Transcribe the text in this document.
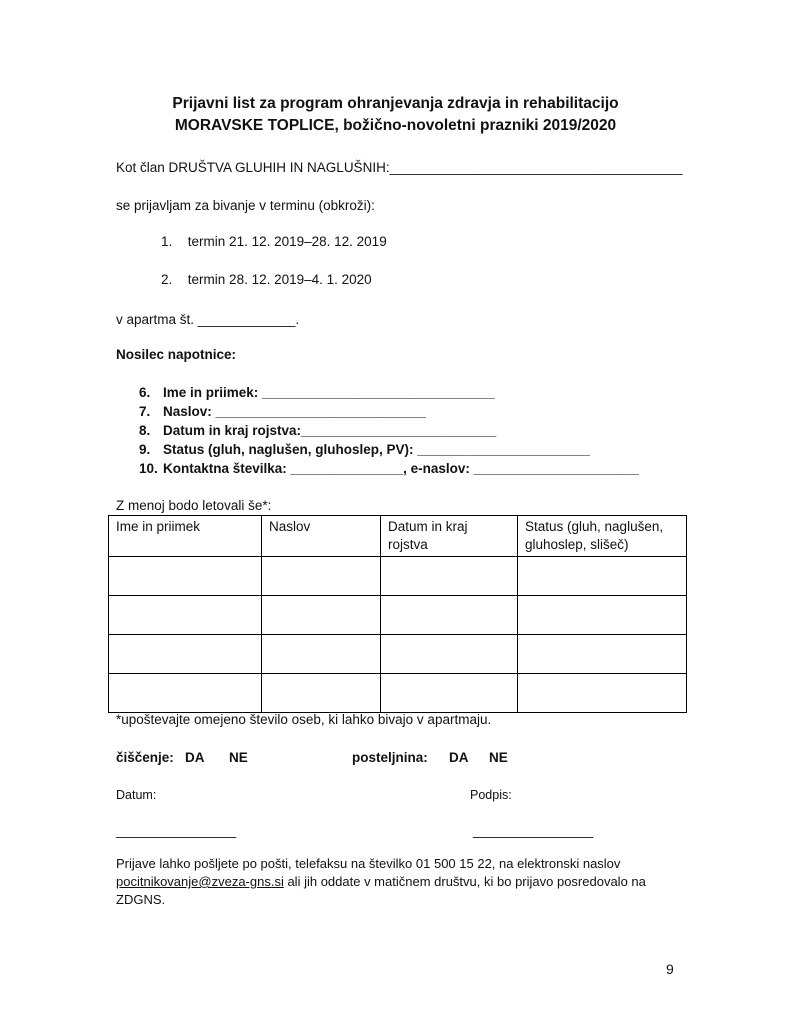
Prijavni list za program ohranjevanja zdravja in rehabilitacijo
MORAVSKE TOPLICE, božično-novoletni prazniki 2019/2020
Kot član DRUŠTVA GLUHIH IN NAGLUŠNIH:_______________________________________
se prijavljam za bivanje v terminu (obkroži):
1. termin 21. 12. 2019–28. 12. 2019
2. termin 28. 12. 2019–4. 1. 2020
v apartma št. _____________.
Nosilec napotnice:
6. Ime in priimek: _______________________________
7. Naslov: ____________________________
8. Datum in kraj rojstva:__________________________
9. Status (gluh, naglušen, gluhoslep, PV): _______________________
10. Kontaktna številka: _______________, e-naslov: ______________________
Z menoj bodo letovali še*:
Ime in priimek	Naslov	Datum in kraj rojstva	Status (gluh, naglušen, gluhoslep, slišeč)

*upoštevajte omejeno število oseb, ki lahko bivajo v apartmaju.
čiščenje: DA NE	posteljnina: DA NE
Datum:	Podpis:
________________	________________
Prijave lahko pošljete po pošti, telefaksu na številko 01 500 15 22, na elektronski naslov
pocitnikovanje@zveza-gns.si ali jih oddate v matičnem društvu, ki bo prijavo posredovalo na
ZDGNS.
9
